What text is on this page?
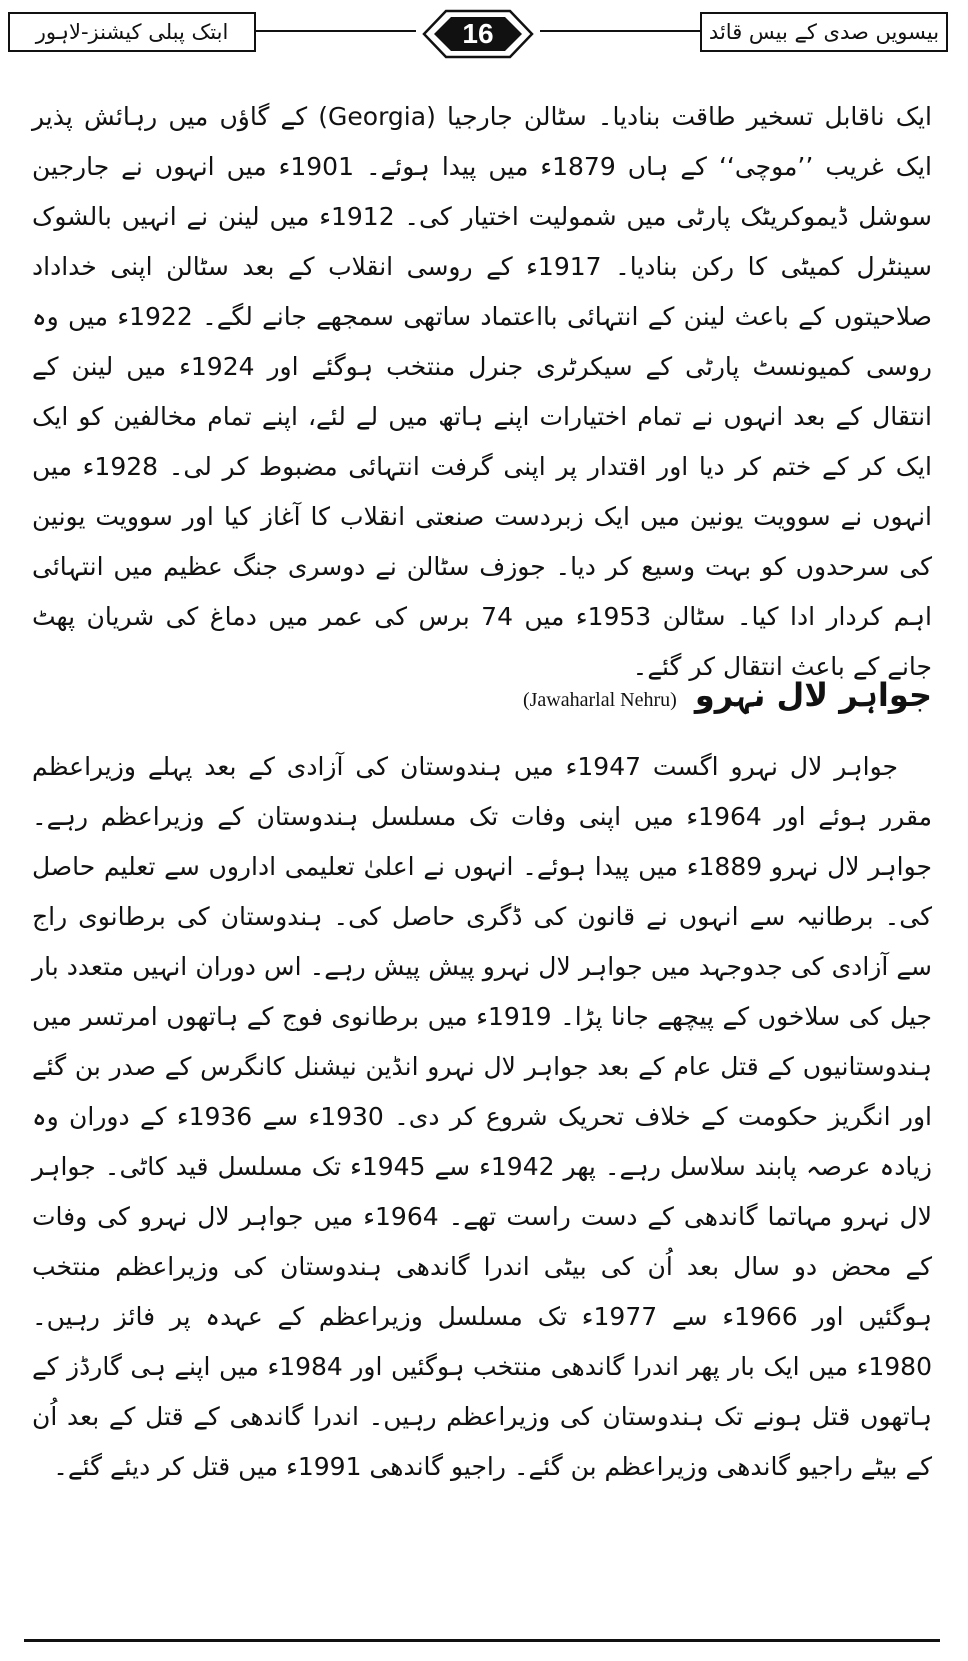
بیسویں صدی کے بیس قائد
16
ابتک پبلی کیشنز-لاہور

ایک ناقابل تسخیر طاقت بنادیا۔ سٹالن جارجیا (Georgia) کے گاؤں میں رہائش پذیر ایک غریب ’’موچی‘‘ کے ہاں 1879ء میں پیدا ہوئے۔ 1901ء میں انہوں نے جارجین سوشل ڈیموکریٹک پارٹی میں شمولیت اختیار کی۔ 1912ء میں لینن نے انہیں بالشوک سینٹرل کمیٹی کا رکن بنادیا۔ 1917ء کے روسی انقلاب کے بعد سٹالن اپنی خداداد صلاحیتوں کے باعث لینن کے انتہائی بااعتماد ساتھی سمجھے جانے لگے۔ 1922ء میں وہ روسی کمیونسٹ پارٹی کے سیکرٹری جنرل منتخب ہوگئے اور 1924ء میں لینن کے انتقال کے بعد انہوں نے تمام اختیارات اپنے ہاتھ میں لے لئے، اپنے تمام مخالفین کو ایک ایک کر کے ختم کر دیا اور اقتدار پر اپنی گرفت انتہائی مضبوط کر لی۔ 1928ء میں انہوں نے سوویت یونین میں ایک زبردست صنعتی انقلاب کا آغاز کیا اور سوویت یونین کی سرحدوں کو بہت وسیع کر دیا۔ جوزف سٹالن نے دوسری جنگ عظیم میں انتہائی اہم کردار ادا کیا۔ سٹالن 1953ء میں 74 برس کی عمر میں دماغ کی شریان پھٹ جانے کے باعث انتقال کر گئے۔

جواہر لال نہرو
(Jawaharlal Nehru)

جواہر لال نہرو اگست 1947ء میں ہندوستان کی آزادی کے بعد پہلے وزیراعظم مقرر ہوئے اور 1964ء میں اپنی وفات تک مسلسل ہندوستان کے وزیراعظم رہے۔ جواہر لال نہرو 1889ء میں پیدا ہوئے۔ انہوں نے اعلیٰ تعلیمی اداروں سے تعلیم حاصل کی۔ برطانیہ سے انہوں نے قانون کی ڈگری حاصل کی۔ ہندوستان کی برطانوی راج سے آزادی کی جدوجہد میں جواہر لال نہرو پیش پیش رہے۔ اس دوران انہیں متعدد بار جیل کی سلاخوں کے پیچھے جانا پڑا۔ 1919ء میں برطانوی فوج کے ہاتھوں امرتسر میں ہندوستانیوں کے قتل عام کے بعد جواہر لال نہرو انڈین نیشنل کانگرس کے صدر بن گئے اور انگریز حکومت کے خلاف تحریک شروع کر دی۔ 1930ء سے 1936ء کے دوران وہ زیادہ عرصہ پابند سلاسل رہے۔ پھر 1942ء سے 1945ء تک مسلسل قید کاٹی۔ جواہر لال نہرو مہاتما گاندھی کے دست راست تھے۔ 1964ء میں جواہر لال نہرو کی وفات کے محض دو سال بعد اُن کی بیٹی اندرا گاندھی ہندوستان کی وزیراعظم منتخب ہوگئیں اور 1966ء سے 1977ء تک مسلسل وزیراعظم کے عہدہ پر فائز رہیں۔ 1980ء میں ایک بار پھر اندرا گاندھی منتخب ہوگئیں اور 1984ء میں اپنے ہی گارڈز کے ہاتھوں قتل ہونے تک ہندوستان کی وزیراعظم رہیں۔ اندرا گاندھی کے قتل کے بعد اُن کے بیٹے راجیو گاندھی وزیراعظم بن گئے۔ راجیو گاندھی 1991ء میں قتل کر دیئے گئے۔
